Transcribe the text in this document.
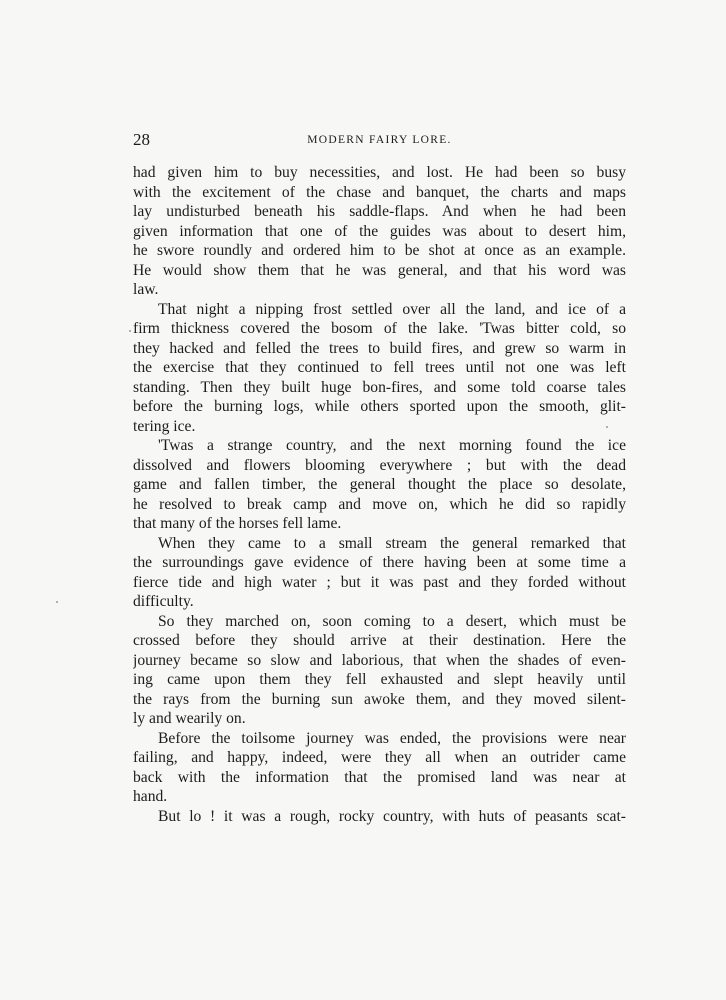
28	MODERN FAIRY LORE.
had given him to buy necessities, and lost. He had been so busy
with the excitement of the chase and banquet, the charts and maps
lay undisturbed beneath his saddle-flaps. And when he had been
given information that one of the guides was about to desert him,
he swore roundly and ordered him to be shot at once as an example.
He would show them that he was general, and that his word was
law.
That night a nipping frost settled over all the land, and ice of a
firm thickness covered the bosom of the lake. 'Twas bitter cold, so
they hacked and felled the trees to build fires, and grew so warm in
the exercise that they continued to fell trees until not one was left
standing. Then they built huge bon-fires, and some told coarse tales
before the burning logs, while others sported upon the smooth, glit-
tering ice.
'Twas a strange country, and the next morning found the ice
dissolved and flowers blooming everywhere ; but with the dead
game and fallen timber, the general thought the place so desolate,
he resolved to break camp and move on, which he did so rapidly
that many of the horses fell lame.
When they came to a small stream the general remarked that
the surroundings gave evidence of there having been at some time a
fierce tide and high water ; but it was past and they forded without
difficulty.
So they marched on, soon coming to a desert, which must be
crossed before they should arrive at their destination. Here the
journey became so slow and laborious, that when the shades of even-
ing came upon them they fell exhausted and slept heavily until
the rays from the burning sun awoke them, and they moved silent-
ly and wearily on.
Before the toilsome journey was ended, the provisions were near
failing, and happy, indeed, were they all when an outrider came
back with the information that the promised land was near at
hand.
But lo ! it was a rough, rocky country, with huts of peasants scat-
